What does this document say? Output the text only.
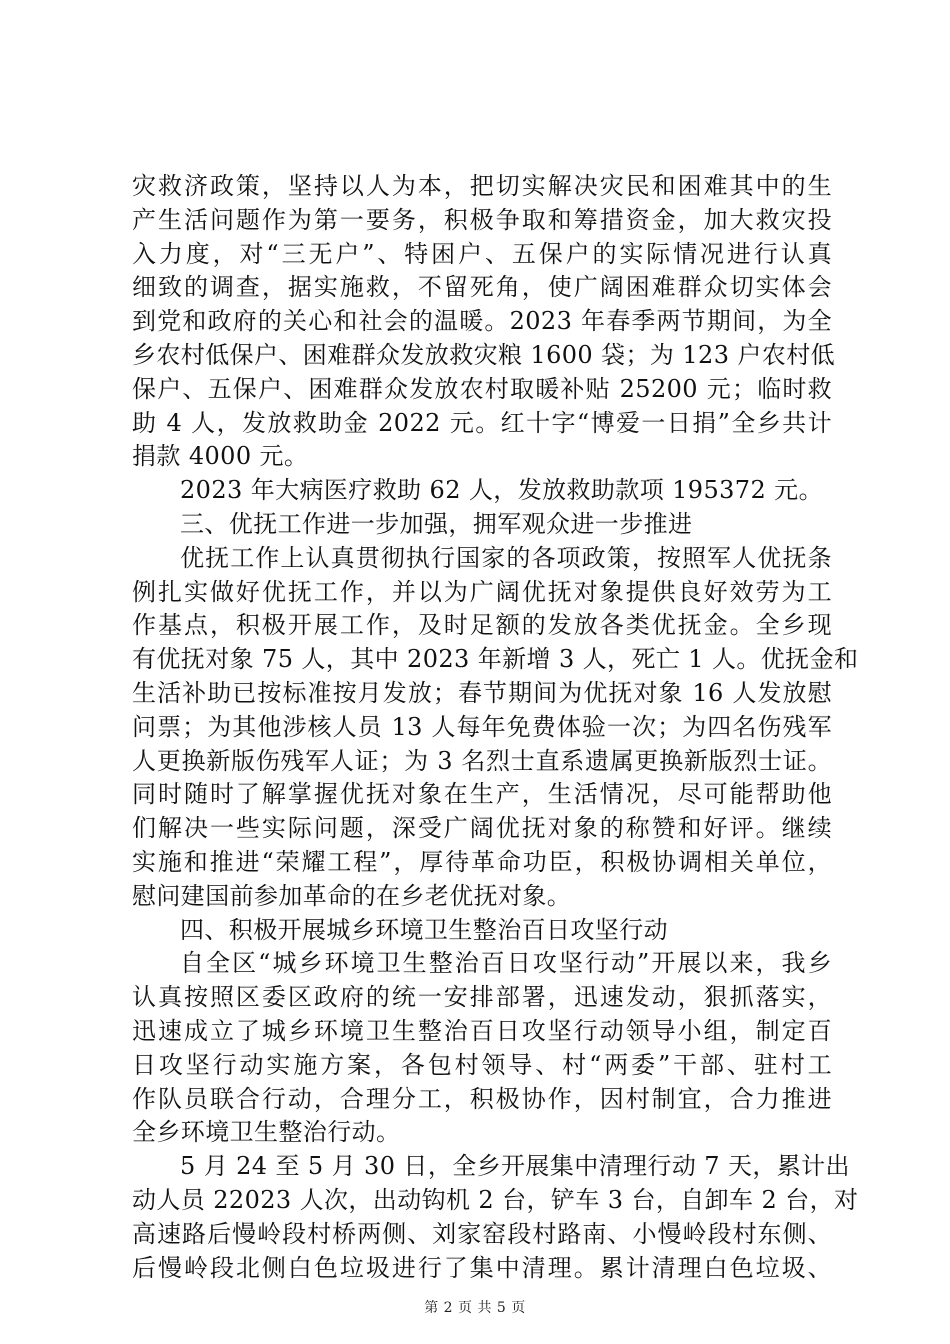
灾救济政策，坚持以人为本，把切实解决灾民和困难其中的生
产生活问题作为第一要务，积极争取和筹措资金，加大救灾投
入力度，对“三无户”、特困户、五保户的实际情况进行认真
细致的调查，据实施救，不留死角，使广阔困难群众切实体会
到党和政府的关心和社会的温暖。2023 年春季两节期间，为全
乡农村低保户、困难群众发放救灾粮 1600 袋；为 123 户农村低
保户、五保户、困难群众发放农村取暖补贴 25200 元；临时救
助 4 人，发放救助金 2022 元。红十字“博爱一日捐”全乡共计
捐款 4000 元。
2023 年大病医疗救助 62 人，发放救助款项 195372 元。
三、优抚工作进一步加强，拥军观众进一步推进
优抚工作上认真贯彻执行国家的各项政策，按照军人优抚条
例扎实做好优抚工作，并以为广阔优抚对象提供良好效劳为工
作基点，积极开展工作，及时足额的发放各类优抚金。全乡现
有优抚对象 75 人，其中 2023 年新增 3 人，死亡 1 人。优抚金和
生活补助已按标准按月发放；春节期间为优抚对象 16 人发放慰
问票；为其他涉核人员 13 人每年免费体验一次；为四名伤残军
人更换新版伤残军人证；为 3 名烈士直系遗属更换新版烈士证。
同时随时了解掌握优抚对象在生产，生活情况，尽可能帮助他
们解决一些实际问题，深受广阔优抚对象的称赞和好评。继续
实施和推进“荣耀工程”，厚待革命功臣，积极协调相关单位，
慰问建国前参加革命的在乡老优抚对象。
四、积极开展城乡环境卫生整治百日攻坚行动
自全区“城乡环境卫生整治百日攻坚行动”开展以来，我乡
认真按照区委区政府的统一安排部署，迅速发动，狠抓落实，
迅速成立了城乡环境卫生整治百日攻坚行动领导小组，制定百
日攻坚行动实施方案，各包村领导、村“两委”干部、驻村工
作队员联合行动，合理分工，积极协作，因村制宜，合力推进
全乡环境卫生整治行动。
5 月 24 至 5 月 30 日，全乡开展集中清理行动 7 天，累计出
动人员 22023 人次，出动钩机 2 台，铲车 3 台，自卸车 2 台，对
高速路后慢岭段村桥两侧、刘家窑段村路南、小慢岭段村东侧、
后慢岭段北侧白色垃圾进行了集中清理。累计清理白色垃圾、
第 2 页 共 5 页
